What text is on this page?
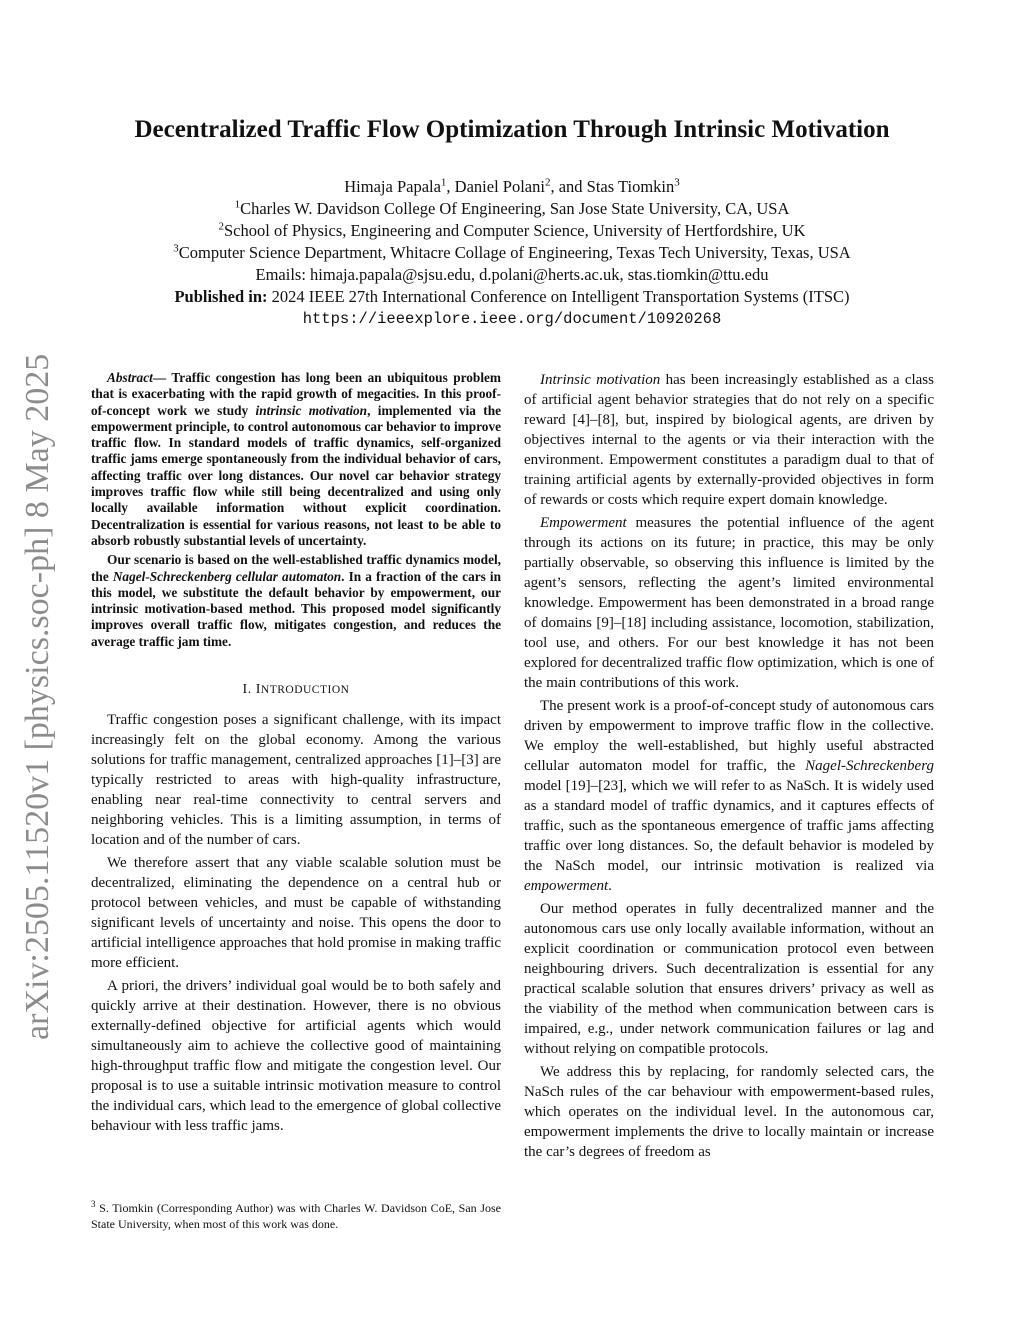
arXiv:2505.11520v1 [physics.soc-ph] 8 May 2025
Decentralized Traffic Flow Optimization Through Intrinsic Motivation
Himaja Papala$^1$, Daniel Polani$^2$, and Stas Tiomkin$^3$
$^1$Charles W. Davidson College Of Engineering, San Jose State University, CA, USA
$^2$School of Physics, Engineering and Computer Science, University of Hertfordshire, UK
$^3$Computer Science Department, Whitacre Collage of Engineering, Texas Tech University, Texas, USA
Emails: himaja.papala@sjsu.edu, d.polani@herts.ac.uk, stas.tiomkin@ttu.edu
Published in: 2024 IEEE 27th International Conference on Intelligent Transportation Systems (ITSC)
https://ieeexplore.ieee.org/document/10920268

Abstract— Traffic congestion has long been an ubiquitous problem that is exacerbating with the rapid growth of megacities. In this proof-of-concept work we study intrinsic motivation, implemented via the empowerment principle, to control autonomous car behavior to improve traffic flow. In standard models of traffic dynamics, self-organized traffic jams emerge spontaneously from the individual behavior of cars, affecting traffic over long distances. Our novel car behavior strategy improves traffic flow while still being decentralized and using only locally available information without explicit coordination. Decentralization is essential for various reasons, not least to be able to absorb robustly substantial levels of uncertainty.

Our scenario is based on the well-established traffic dynamics model, the Nagel-Schreckenberg cellular automaton. In a fraction of the cars in this model, we substitute the default behavior by empowerment, our intrinsic motivation-based method. This proposed model significantly improves overall traffic flow, mitigates congestion, and reduces the average traffic jam time.

I. INTRODUCTION

Traffic congestion poses a significant challenge, with its impact increasingly felt on the global economy. Among the various solutions for traffic management, centralized approaches [1]–[3] are typically restricted to areas with high-quality infrastructure, enabling near real-time connectivity to central servers and neighboring vehicles. This is a limiting assumption, in terms of location and of the number of cars.

We therefore assert that any viable scalable solution must be decentralized, eliminating the dependence on a central hub or protocol between vehicles, and must be capable of withstanding significant levels of uncertainty and noise. This opens the door to artificial intelligence approaches that hold promise in making traffic more efficient.

A priori, the drivers’ individual goal would be to both safely and quickly arrive at their destination. However, there is no obvious externally-defined objective for artificial agents which would simultaneously aim to achieve the collective good of maintaining high-throughput traffic flow and mitigate the congestion level. Our proposal is to use a suitable intrinsic motivation measure to control the individual cars, which lead to the emergence of global collective behaviour with less traffic jams.

$^3$ S. Tiomkin (Corresponding Author) was with Charles W. Davidson CoE, San Jose State University, when most of this work was done.

Intrinsic motivation has been increasingly established as a class of artificial agent behavior strategies that do not rely on a specific reward [4]–[8], but, inspired by biological agents, are driven by objectives internal to the agents or via their interaction with the environment. Empowerment constitutes a paradigm dual to that of training artificial agents by externally-provided objectives in form of rewards or costs which require expert domain knowledge.

Empowerment measures the potential influence of the agent through its actions on its future; in practice, this may be only partially observable, so observing this influence is limited by the agent’s sensors, reflecting the agent’s limited environmental knowledge. Empowerment has been demonstrated in a broad range of domains [9]–[18] including assistance, locomotion, stabilization, tool use, and others. For our best knowledge it has not been explored for decentralized traffic flow optimization, which is one of the main contributions of this work.

The present work is a proof-of-concept study of autonomous cars driven by empowerment to improve traffic flow in the collective. We employ the well-established, but highly useful abstracted cellular automaton model for traffic, the Nagel-Schreckenberg model [19]–[23], which we will refer to as NaSch. It is widely used as a standard model of traffic dynamics, and it captures effects of traffic, such as the spontaneous emergence of traffic jams affecting traffic over long distances. So, the default behavior is modeled by the NaSch model, our intrinsic motivation is realized via empowerment.

Our method operates in fully decentralized manner and the autonomous cars use only locally available information, without an explicit coordination or communication protocol even between neighbouring drivers. Such decentralization is essential for any practical scalable solution that ensures drivers’ privacy as well as the viability of the method when communication between cars is impaired, e.g., under network communication failures or lag and without relying on compatible protocols.

We address this by replacing, for randomly selected cars, the NaSch rules of the car behaviour with empowerment-based rules, which operates on the individual level. In the autonomous car, empowerment implements the drive to locally maintain or increase the car’s degrees of freedom as
